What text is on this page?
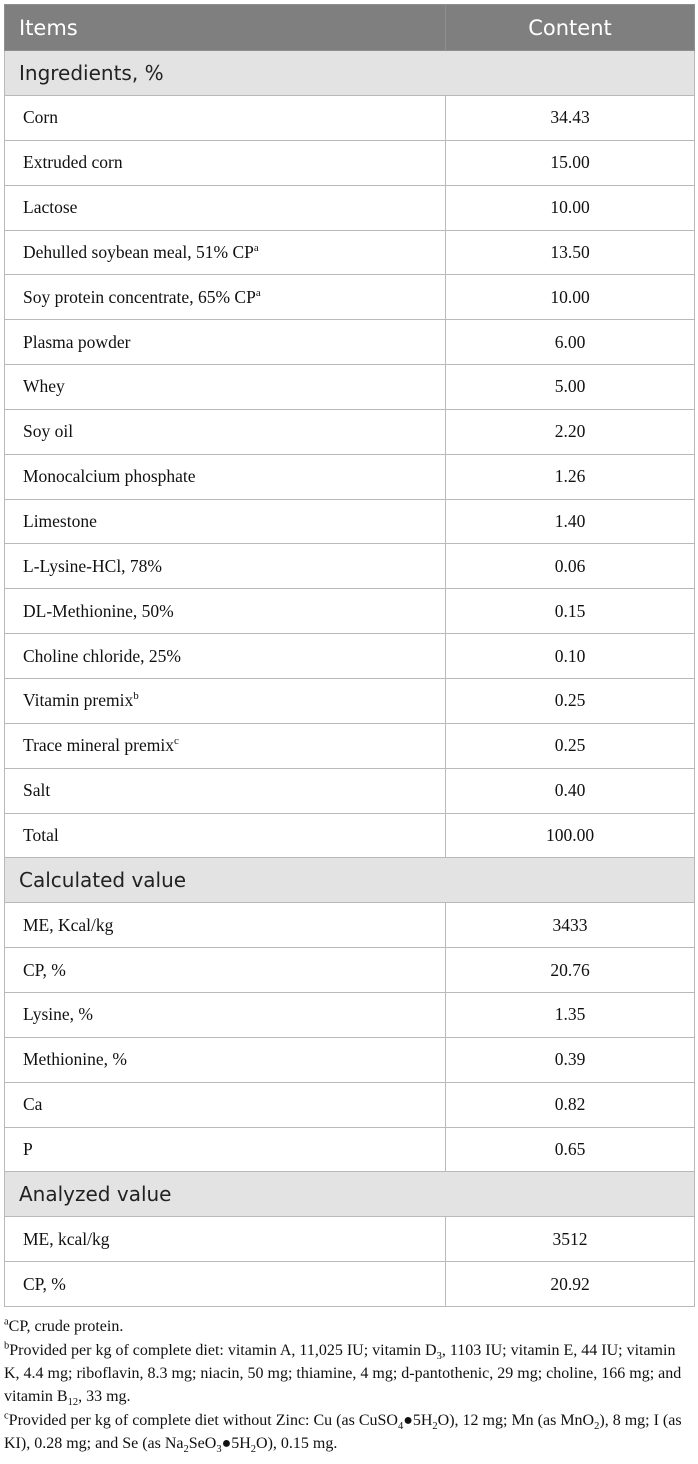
Items	Content
Ingredients, %	
Corn	34.43
Extruded corn	15.00
Lactose	10.00
Dehulled soybean meal, 51% $CP^a$	13.50
Soy protein concentrate, 65% $CP^a$	10.00
Plasma powder	6.00
Whey	5.00
Soy oil	2.20
Monocalcium phosphate	1.26
Limestone	1.40
L-Lysine-HCl, 78%	0.06
DL-Methionine, 50%	0.15
Choline chloride, 25%	0.10
Vitamin premix$^b$	0.25
Trace mineral premix$^c$	0.25
Salt	0.40
Total	100.00
Calculated value	
ME, Kcal/kg	3433
CP, %	20.76
Lysine, %	1.35
Methionine, %	0.39
Ca	0.82
P	0.65
Analyzed value	
ME, kcal/kg	3512
CP, %	20.92

$^a$CP, crude protein.

$^b$Provided per kg of complete diet: vitamin A, 11,025 IU; vitamin $D_3$, 1103 IU; vitamin E, 44 IU; vitamin K, 4.4 mg; riboflavin, 8.3 mg; niacin, 50 mg; thiamine, 4 mg; d-pantothenic, 29 mg; choline, 166 mg; and vitamin $B_{12}$, 33 mg.

$^c$Provided per kg of complete diet without Zinc: Cu (as $CuSO_4●5H_2O$), 12 mg; Mn (as MnO$_2$), 8 mg; I (as KI), 0.28 mg; and Se (as $Na_2SeO_3●5H_2O$), 0.15 mg.
